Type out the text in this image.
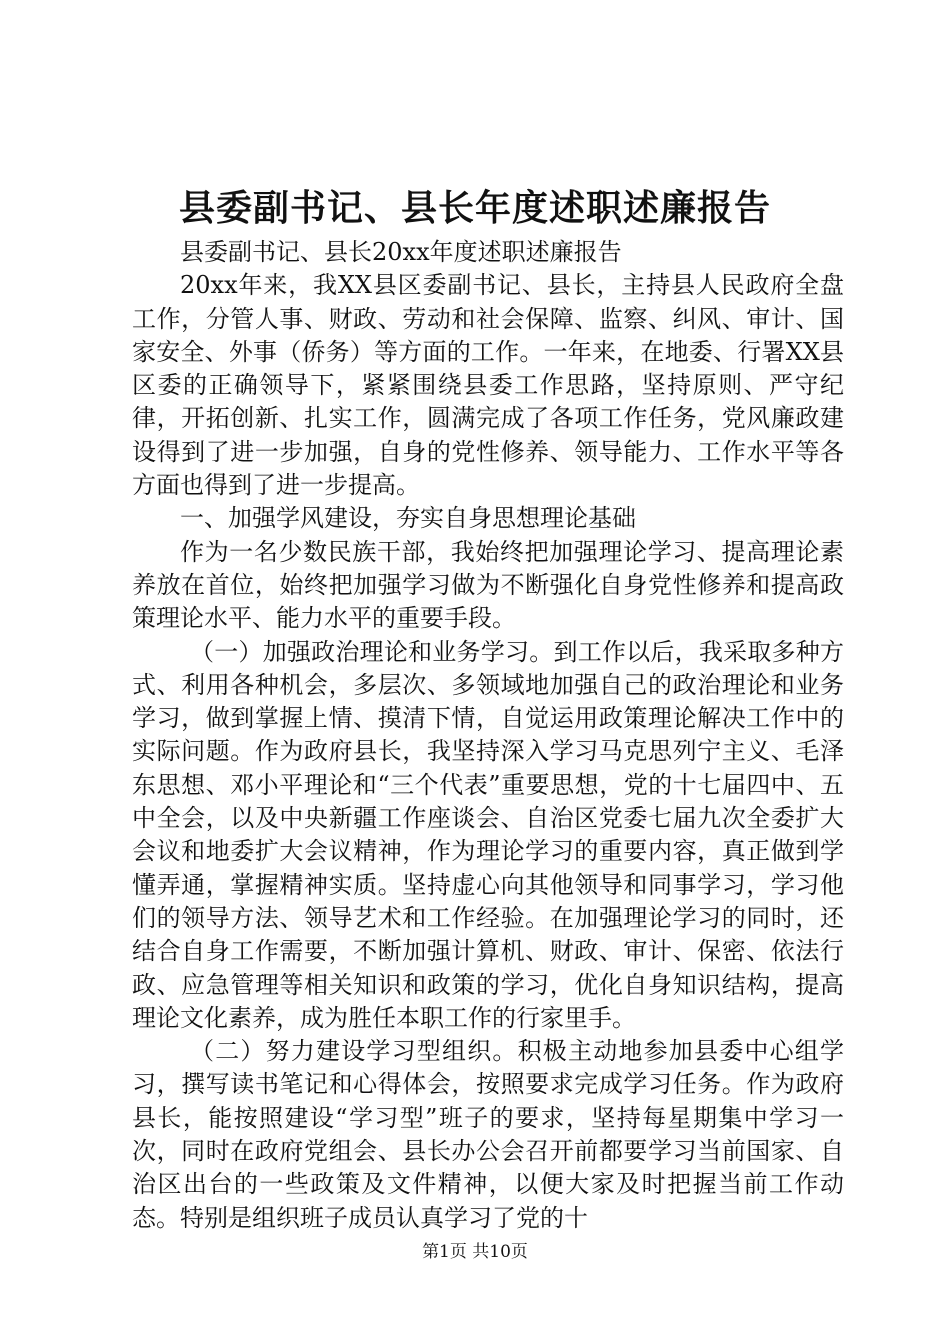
县委副书记、县长年度述职述廉报告

县委副书记、县长20xx年度述职述廉报告

20xx年来，我XX县区委副书记、县长，主持县人民政府全盘工作，分管人事、财政、劳动和社会保障、监察、纠风、审计、国家安全、外事（侨务）等方面的工作。一年来，在地委、行署XX县区委的正确领导下，紧紧围绕县委工作思路，坚持原则、严守纪律，开拓创新、扎实工作，圆满完成了各项工作任务，党风廉政建设得到了进一步加强，自身的党性修养、领导能力、工作水平等各方面也得到了进一步提高。

一、加强学风建设，夯实自身思想理论基础

作为一名少数民族干部，我始终把加强理论学习、提高理论素养放在首位，始终把加强学习做为不断强化自身党性修养和提高政策理论水平、能力水平的重要手段。

（一）加强政治理论和业务学习。到工作以后，我采取多种方式、利用各种机会，多层次、多领域地加强自己的政治理论和业务学习，做到掌握上情、摸清下情，自觉运用政策理论解决工作中的实际问题。作为政府县长，我坚持深入学习马克思列宁主义、毛泽东思想、邓小平理论和“三个代表”重要思想，党的十七届四中、五中全会，以及中央新疆工作座谈会、自治区党委七届九次全委扩大会议和地委扩大会议精神，作为理论学习的重要内容，真正做到学懂弄通，掌握精神实质。坚持虚心向其他领导和同事学习，学习他们的领导方法、领导艺术和工作经验。在加强理论学习的同时，还结合自身工作需要，不断加强计算机、财政、审计、保密、依法行政、应急管理等相关知识和政策的学习，优化自身知识结构，提高理论文化素养，成为胜任本职工作的行家里手。

（二）努力建设学习型组织。积极主动地参加县委中心组学习，撰写读书笔记和心得体会，按照要求完成学习任务。作为政府县长，能按照建设“学习型”班子的要求，坚持每星期集中学习一次，同时在政府党组会、县长办公会召开前都要学习当前国家、自治区出台的一些政策及文件精神，以便大家及时把握当前工作动态。特别是组织班子成员认真学习了党的十

第1页 共10页
